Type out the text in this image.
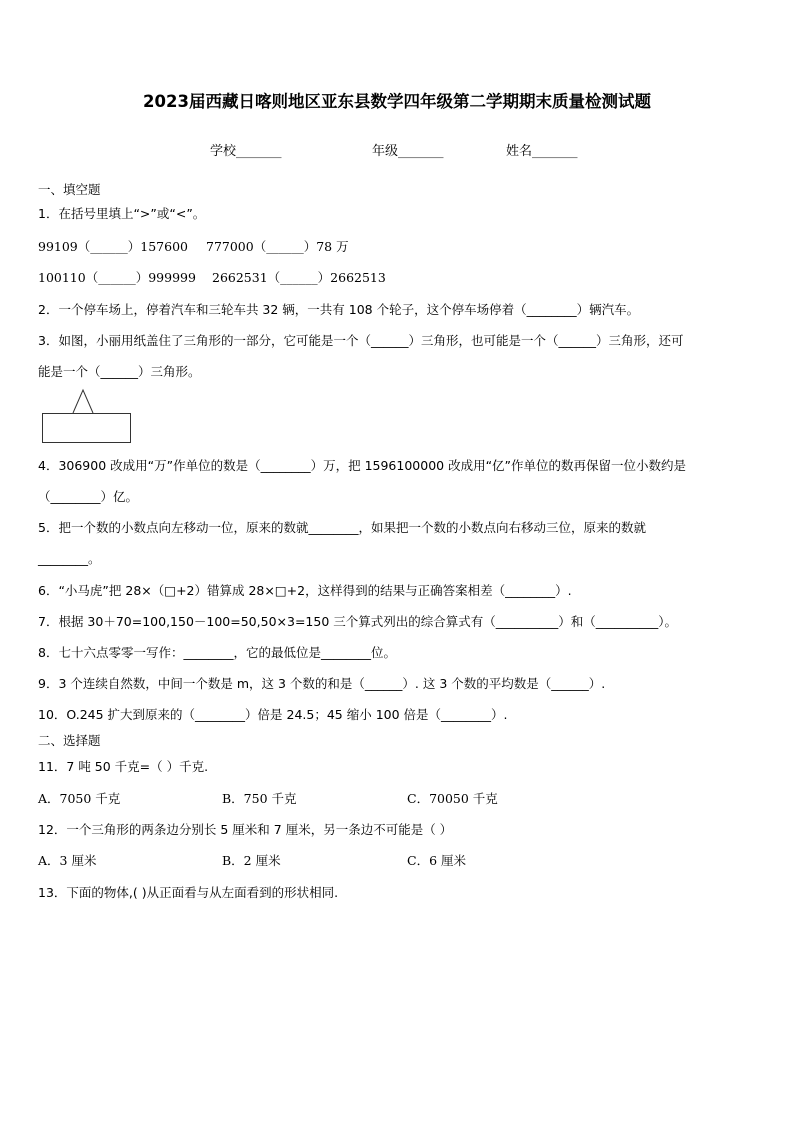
2023届西藏日喀则地区亚东县数学四年级第二学期期末质量检测试题
学校_______	年级_______	姓名_______
一、填空题
1．在括号里填上“>”或“<”。
99109（______）157600 777000（______）78 万
100110（______）999999 2662531（______）2662513
2．一个停车场上，停着汽车和三轮车共 32 辆，一共有 108 个轮子，这个停车场停着（________）辆汽车。
3．如图，小丽用纸盖住了三角形的一部分，它可能是一个（______）三角形，也可能是一个（______）三角形，还可
能是一个（______）三角形。
4．306900 改成用“万”作单位的数是（________）万，把 1596100000 改成用“亿”作单位的数再保留一位小数约是
（________）亿。
5．把一个数的小数点向左移动一位，原来的数就________，如果把一个数的小数点向右移动三位，原来的数就
________。
6．“小马虎”把 28×（□+2）错算成 28×□+2，这样得到的结果与正确答案相差（________）.
7．根据 30＋70=100,150－100=50,50×3=150 三个算式列出的综合算式有（__________）和（__________）。
8．七十六点零零一写作：________，它的最低位是________位。
9．3 个连续自然数，中间一个数是 m，这 3 个数的和是（______）. 这 3 个数的平均数是（______）.
10．O.245 扩大到原来的（________）倍是 24.5；45 缩小 100 倍是（________）.
二、选择题
11．7 吨 50 千克=（ ）千克.
A．7050 千克	B．750 千克	C．70050 千克
12．一个三角形的两条边分别长 5 厘米和 7 厘米，另一条边不可能是（ ）
A．3 厘米	B．2 厘米	C．6 厘米
13．下面的物体,( )从正面看与从左面看到的形状相同.
